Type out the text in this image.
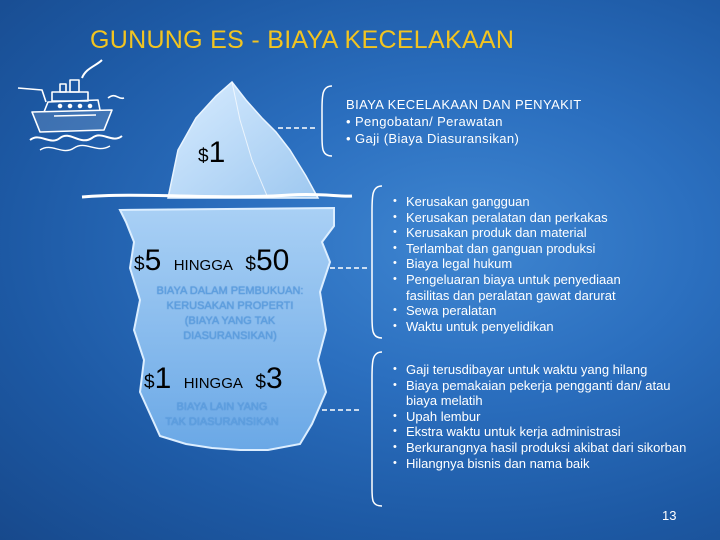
GUNUNG ES - BIAYA KECELAKAAN
$1
$5 HINGGA $50
BIAYA DALAM PEMBUKUAN:
KERUSAKAN PROPERTI
(BIAYA YANG TAK
DIASURANSIKAN)
$1 HINGGA $3
BIAYA LAIN YANG
TAK DIASURANSIKAN
BIAYA KECELAKAAN DAN PENYAKIT
• Pengobatan/ Perawatan
• Gaji (Biaya Diasuransikan)
• Kerusakan gangguan
• Kerusakan peralatan dan perkakas
• Kerusakan produk dan material
• Terlambat dan ganguan produksi
• Biaya legal hukum
• Pengeluaran biaya untuk penyediaan fasilitas dan peralatan gawat darurat
• Sewa peralatan
• Waktu untuk penyelidikan
• Gaji terusdibayar untuk waktu yang hilang
• Biaya pemakaian pekerja pengganti dan/ atau biaya melatih
• Upah lembur
• Ekstra waktu untuk kerja administrasi
• Berkurangnya hasil produksi akibat dari sikorban
• Hilangnya bisnis dan nama baik
13
